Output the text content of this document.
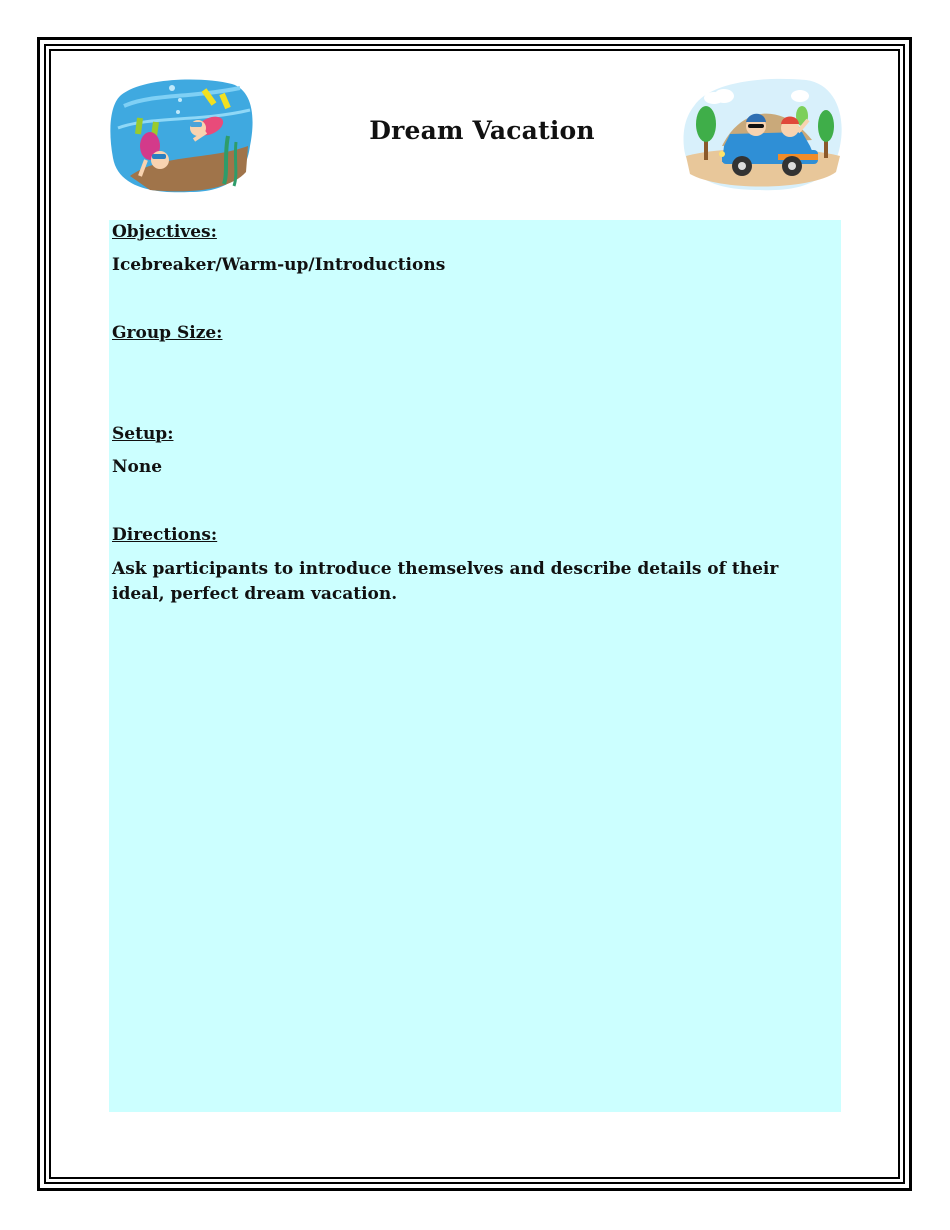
Dream Vacation
Objectives:
Icebreaker/Warm-up/Introductions
Group Size:
Setup:
None
Directions:
Ask participants to introduce themselves and describe details of their ideal, perfect dream vacation.
